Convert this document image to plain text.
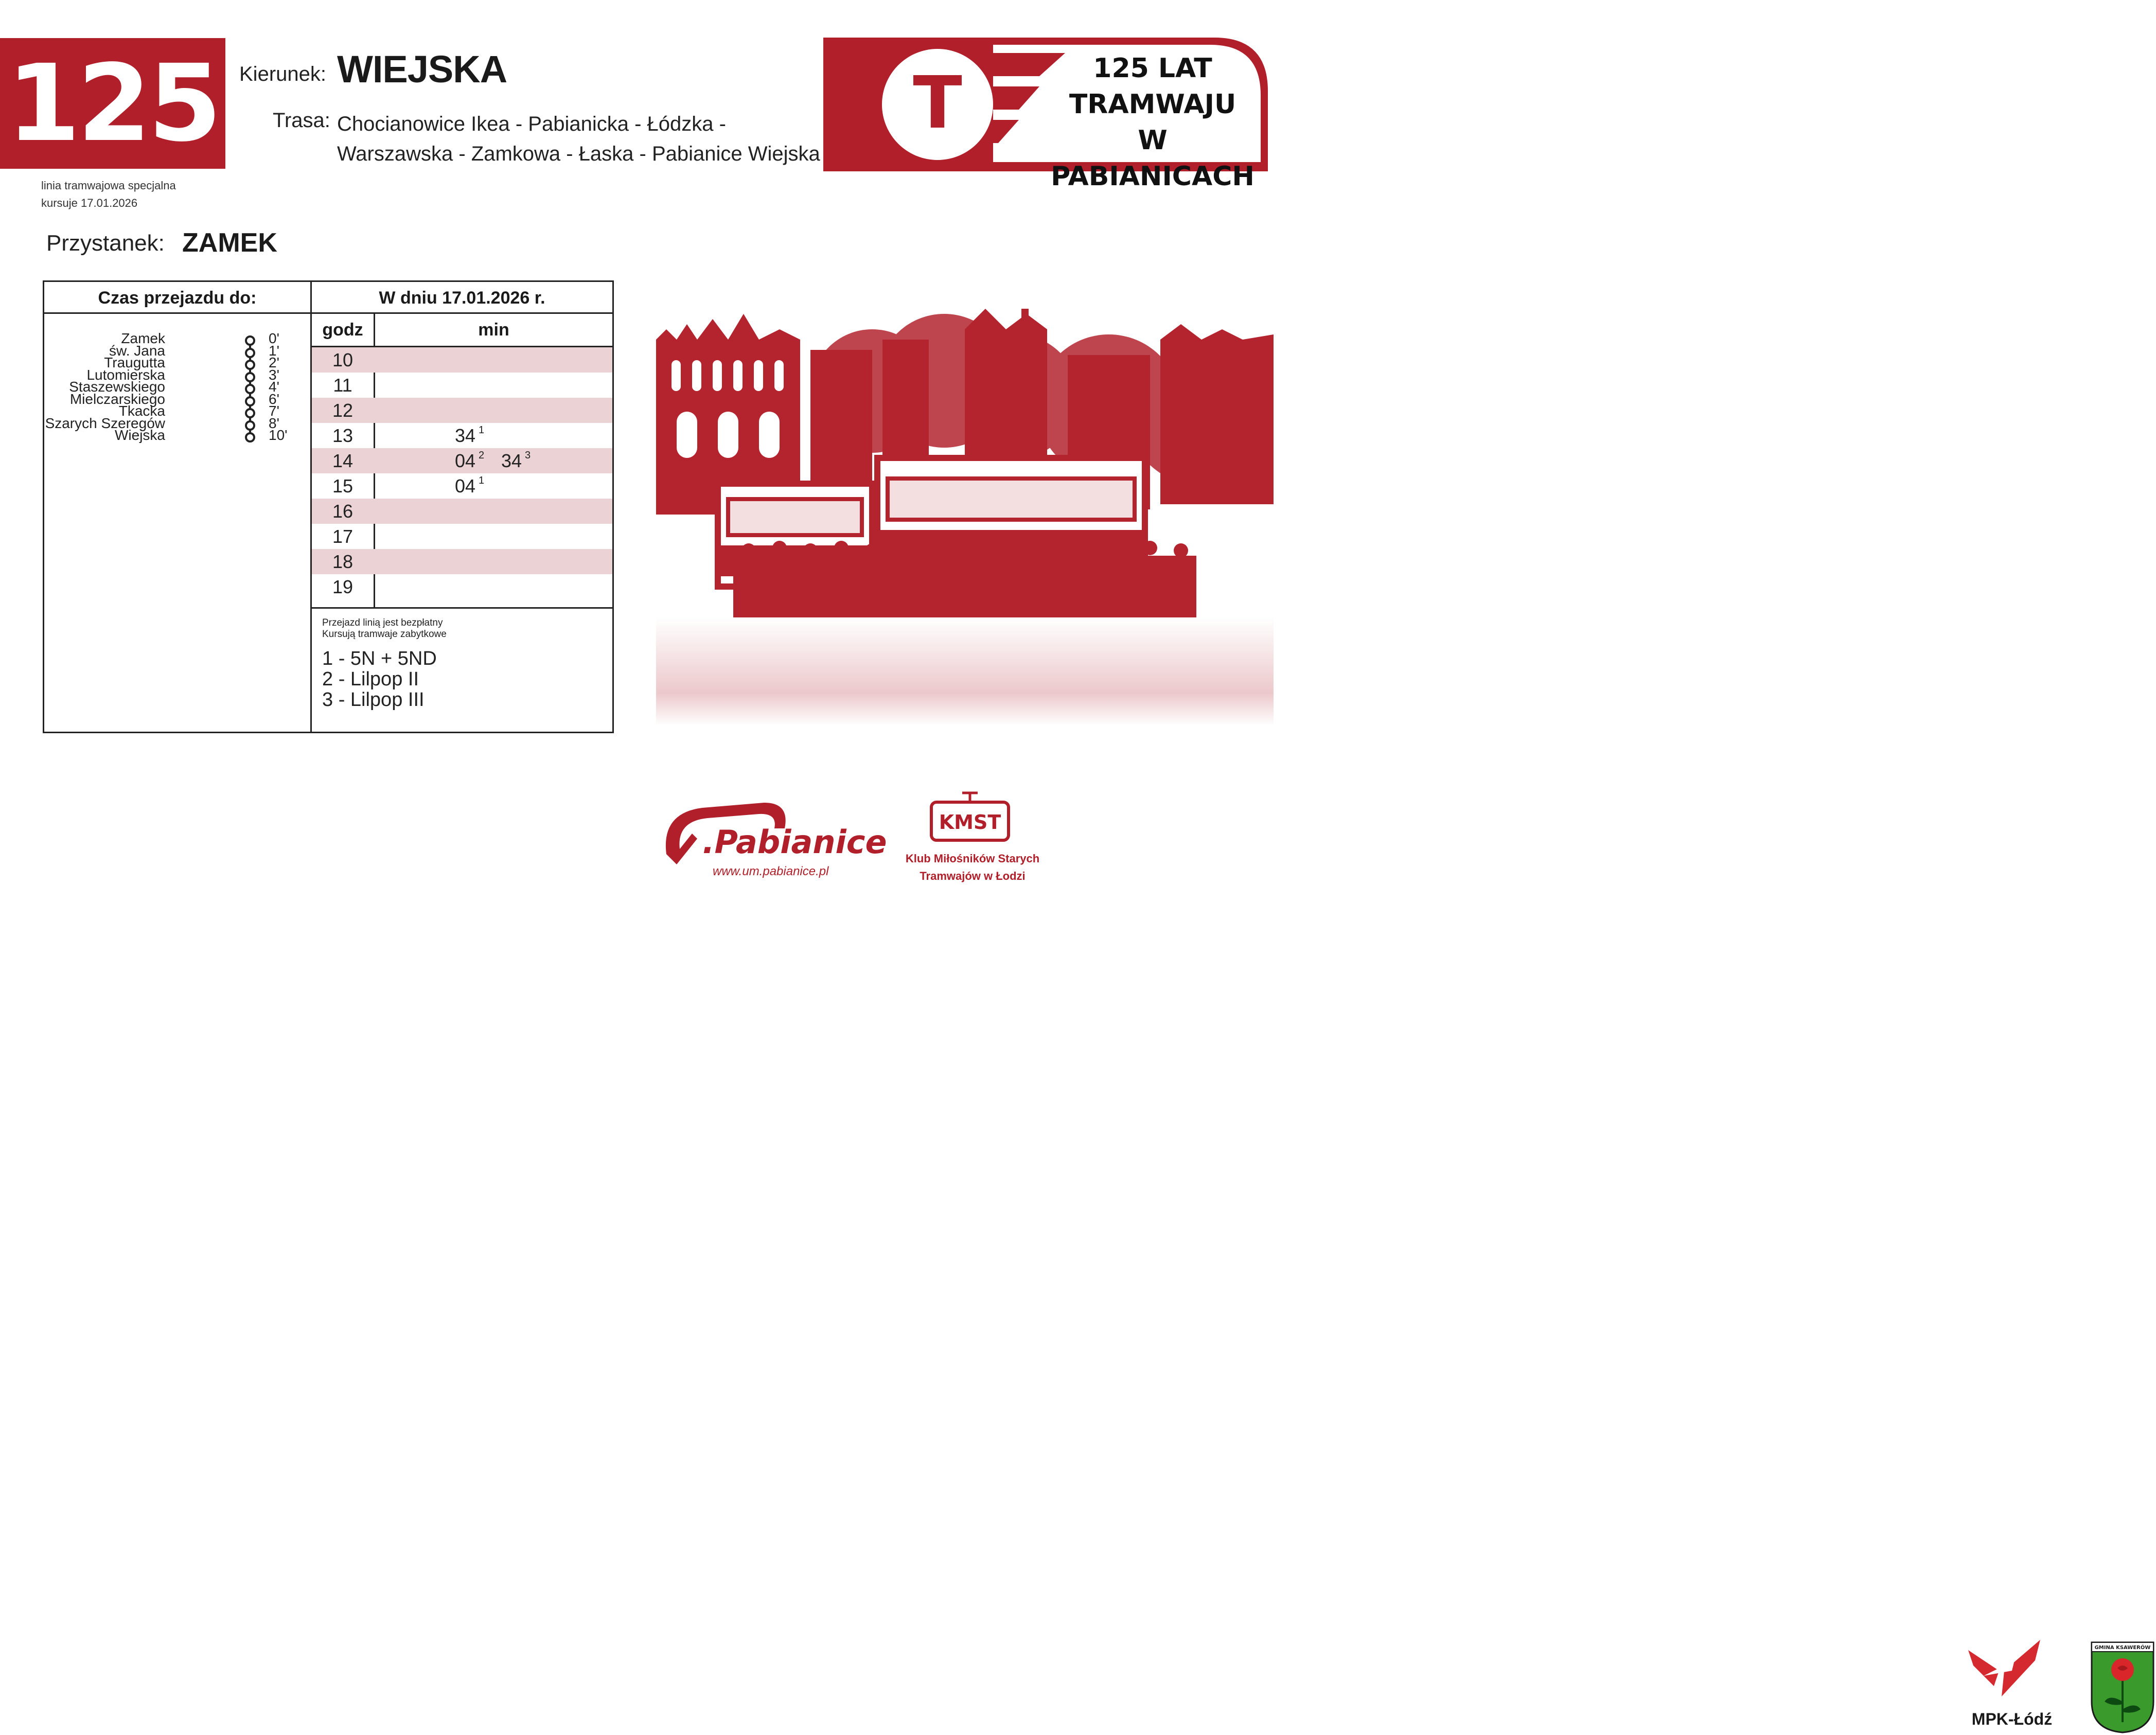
125
linia tramwajowa specjalna
kursuje 17.01.2026
Kierunek: WIEJSKA
Trasa: Chocianowice Ikea - Pabianicka - Łódzka -
Warszawska - Zamkowa - Łaska - Pabianice Wiejska
Przystanek: ZAMEK
T	125 LAT
TRAMWAJU
W PABIANICACH
Czas przejazdu do:	W dniu 17.01.2026 r.
godz	min
Zamek	0'
św. Jana	1'
Traugutta	2'
Lutomierska	3'
Staszewskiego	4'
Mielczarskiego	6'
Tkacka	7'
Szarych Szeregów	8'
Wiejska	10'
Przejazd linią jest bezpłatny
Kursują tramwaje zabytkowe
1 - 5N + 5ND
2 - Lilpop II
3 - Lilpop III
10
11
12
13	34 $^1$
14	04 $^2$ 34 $^3$
15	04 $^1$
16
17
18
19
.Pabianice
www.um.pabianice.pl
KMST
Klub Miłośników Starych
Tramwajów w Łodzi
MPK-Łódź
GMINA KSAWERÓW
